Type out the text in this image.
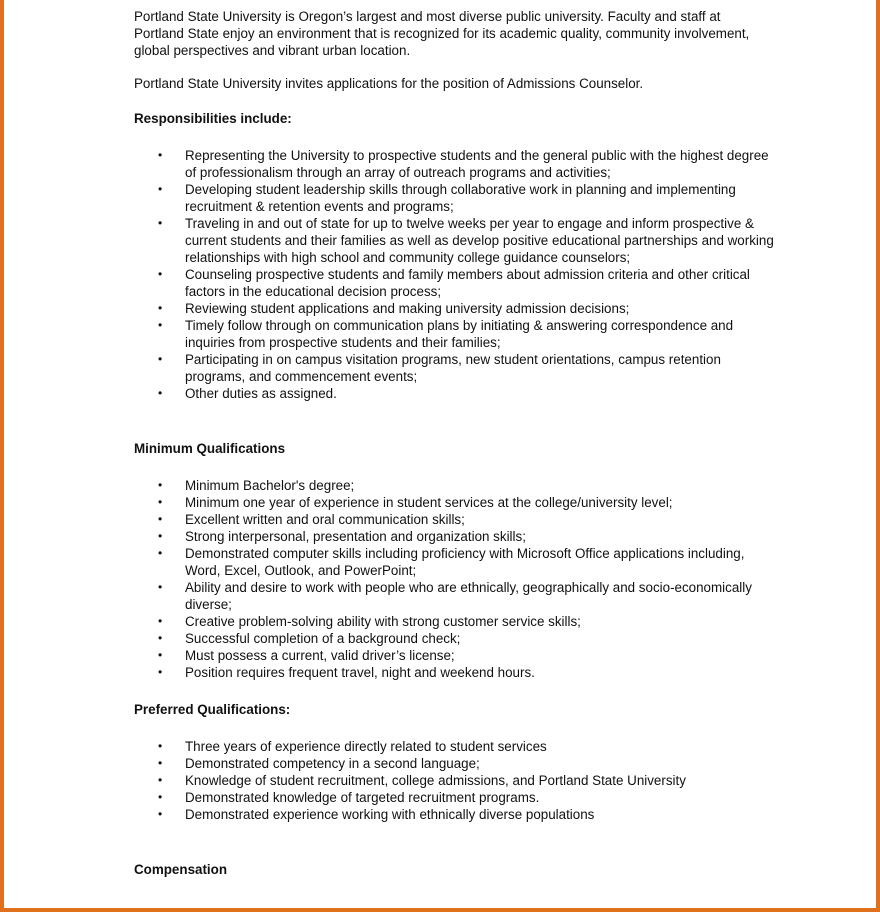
Portland State University is Oregon’s largest and most diverse public university. Faculty and staff at Portland State enjoy an environment that is recognized for its academic quality, community involvement, global perspectives and vibrant urban location.

Portland State University invites applications for the position of Admissions Counselor.

Responsibilities include:
• Representing the University to prospective students and the general public with the highest degree of professionalism through an array of outreach programs and activities;
• Developing student leadership skills through collaborative work in planning and implementing recruitment & retention events and programs;
• Traveling in and out of state for up to twelve weeks per year to engage and inform prospective & current students and their families as well as develop positive educational partnerships and working relationships with high school and community college guidance counselors;
• Counseling prospective students and family members about admission criteria and other critical factors in the educational decision process;
• Reviewing student applications and making university admission decisions;
• Timely follow through on communication plans by initiating & answering correspondence and inquiries from prospective students and their families;
• Participating in on campus visitation programs, new student orientations, campus retention programs, and commencement events;
• Other duties as assigned.
Minimum Qualifications
• Minimum Bachelor's degree;
• Minimum one year of experience in student services at the college/university level;
• Excellent written and oral communication skills;
• Strong interpersonal, presentation and organization skills;
• Demonstrated computer skills including proficiency with Microsoft Office applications including, Word, Excel, Outlook, and PowerPoint;
• Ability and desire to work with people who are ethnically, geographically and socio-economically diverse;
• Creative problem-solving ability with strong customer service skills;
• Successful completion of a background check;
• Must possess a current, valid driver’s license;
• Position requires frequent travel, night and weekend hours.
Preferred Qualifications:
• Three years of experience directly related to student services
• Demonstrated competency in a second language;
• Knowledge of student recruitment, college admissions, and Portland State University
• Demonstrated knowledge of targeted recruitment programs.
• Demonstrated experience working with ethnically diverse populations
Compensation
